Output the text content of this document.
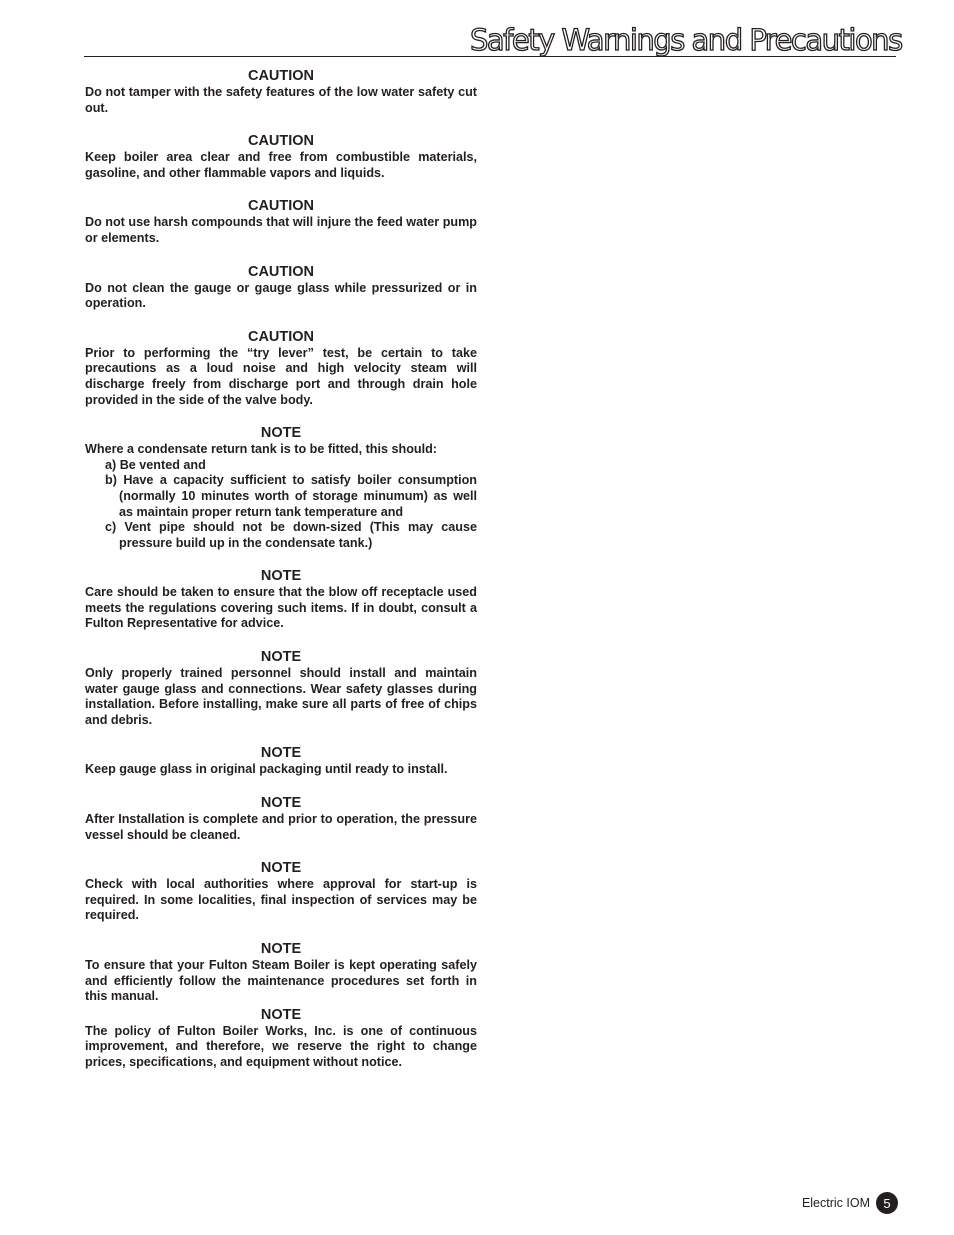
Safety Warnings and Precautions

CAUTION

Do not tamper with the safety features of the low water safety cut out.

CAUTION

Keep boiler area clear and free from combustible materials, gasoline, and other flammable vapors and liquids.

CAUTION

Do not use harsh compounds that will injure the feed water pump or elements.

CAUTION

Do not clean the gauge or gauge glass while pressurized or in operation.

CAUTION

Prior to performing the “try lever” test, be certain to take precautions as a loud noise and high velocity steam will discharge freely from discharge port and through drain hole provided in the side of the valve body.

NOTE

Where a condensate return tank is to be fitted, this should:

a) Be vented and
b) Have a capacity sufficient to satisfy boiler consumption (normally 10 minutes worth of storage minumum) as well as maintain proper return tank temperature and
c) Vent pipe should not be down-sized (This may cause pressure build up in the condensate tank.)

NOTE

Care should be taken to ensure that the blow off receptacle used meets the regulations covering such items. If in doubt, consult a Fulton Representative for advice.

NOTE

Only properly trained personnel should install and maintain water gauge glass and connections. Wear safety glasses during installation. Before installing, make sure all parts of free of chips and debris.

NOTE

Keep gauge glass in original packaging until ready to install.

NOTE

After Installation is complete and prior to operation, the pressure vessel should be cleaned.

NOTE

Check with local authorities where approval for start-up is required. In some localities, final inspection of services may be required.

NOTE

To ensure that your Fulton Steam Boiler is kept operating safely and efficiently follow the maintenance procedures set forth in this manual.

NOTE

The policy of Fulton Boiler Works, Inc. is one of continuous improvement, and therefore, we reserve the right to change prices, specifications, and equipment without notice.

Electric IOM	5
